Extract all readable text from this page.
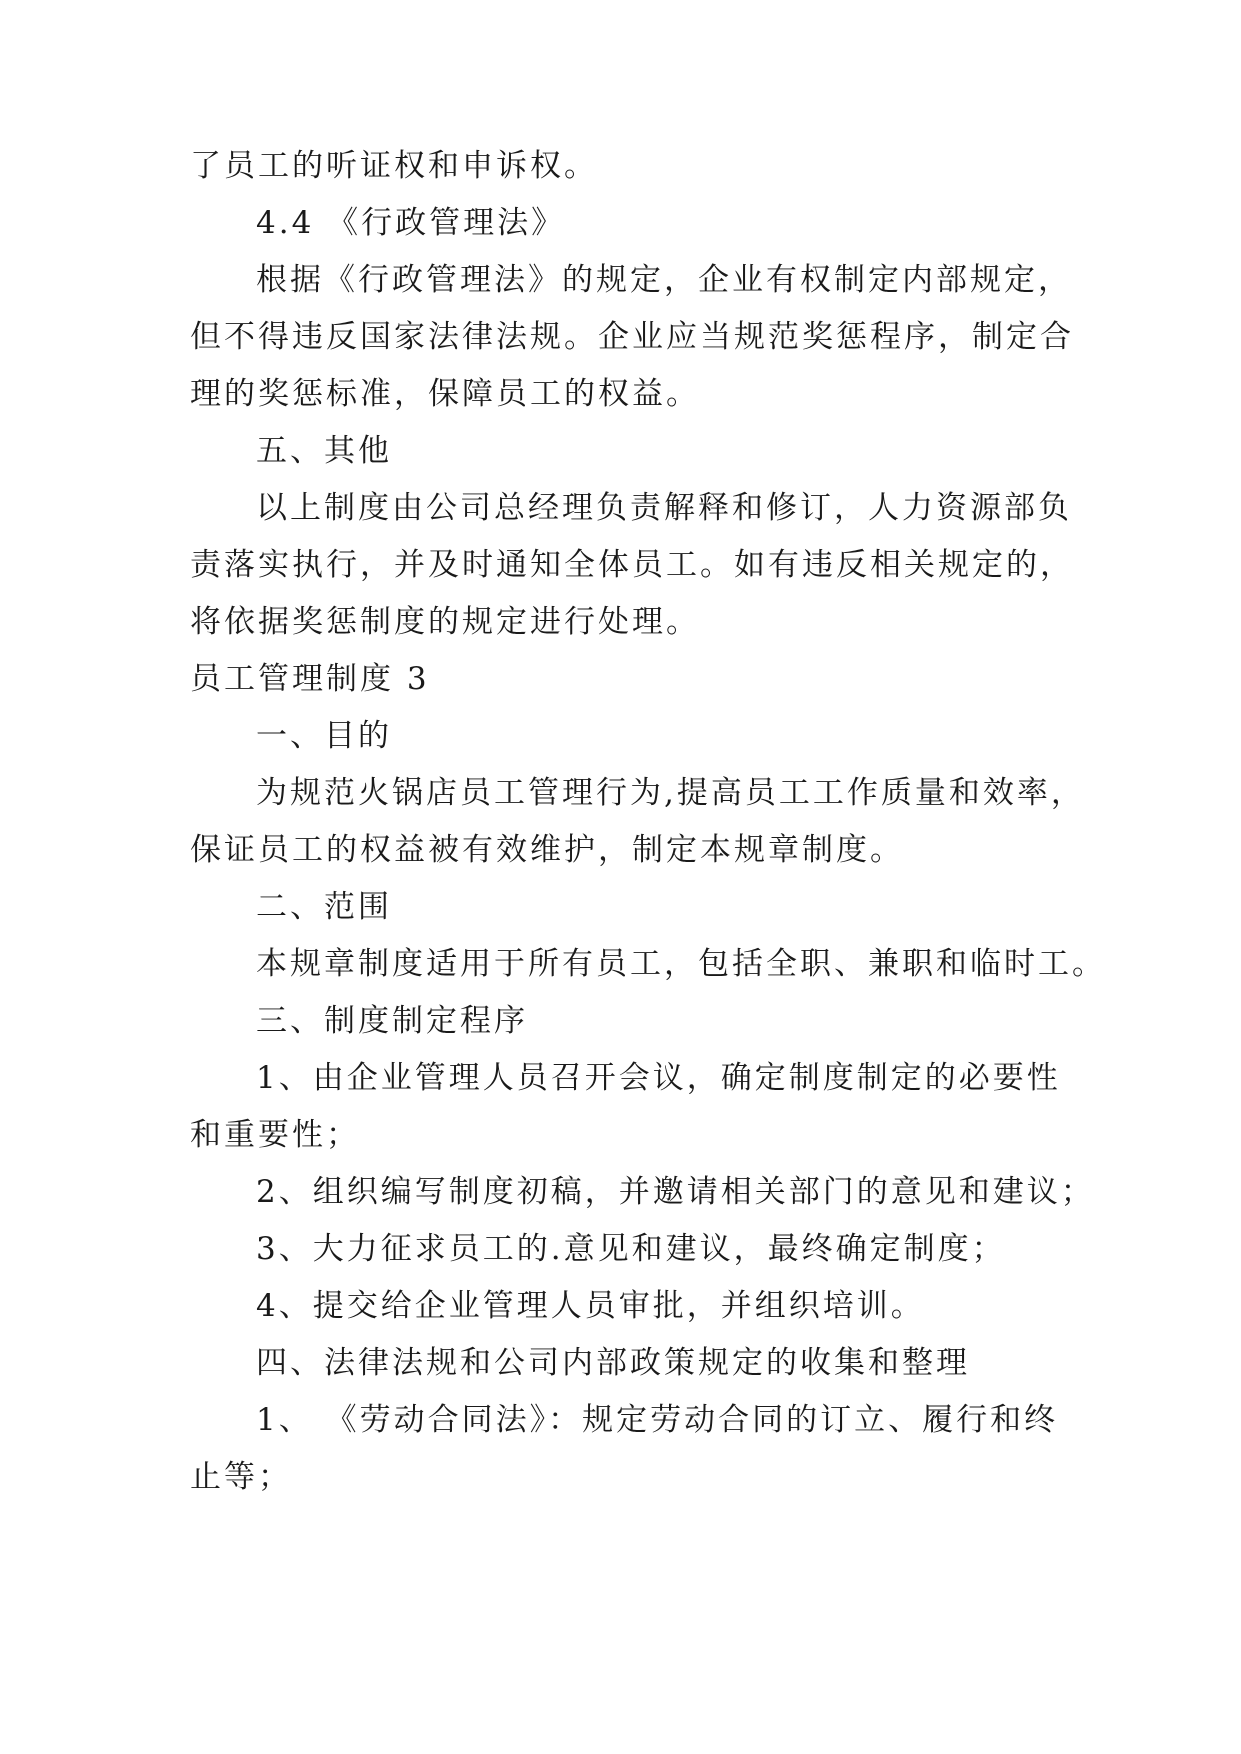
了员工的听证权和申诉权。
4.4 《行政管理法》
根据《行政管理法》的规定，企业有权制定内部规定，
但不得违反国家法律法规。企业应当规范奖惩程序，制定合
理的奖惩标准，保障员工的权益。
五、其他
以上制度由公司总经理负责解释和修订，人力资源部负
责落实执行，并及时通知全体员工。如有违反相关规定的，
将依据奖惩制度的规定进行处理。
员工管理制度 3
一、目的
为规范火锅店员工管理行为,提高员工工作质量和效率，
保证员工的权益被有效维护，制定本规章制度。
二、范围
本规章制度适用于所有员工，包括全职、兼职和临时工。
三、制度制定程序
1、由企业管理人员召开会议，确定制度制定的必要性
和重要性；
2、组织编写制度初稿，并邀请相关部门的意见和建议；
3、大力征求员工的.意见和建议，最终确定制度；
4、提交给企业管理人员审批，并组织培训。
四、法律法规和公司内部政策规定的收集和整理
1、 《劳动合同法》：规定劳动合同的订立、履行和终
止等；
